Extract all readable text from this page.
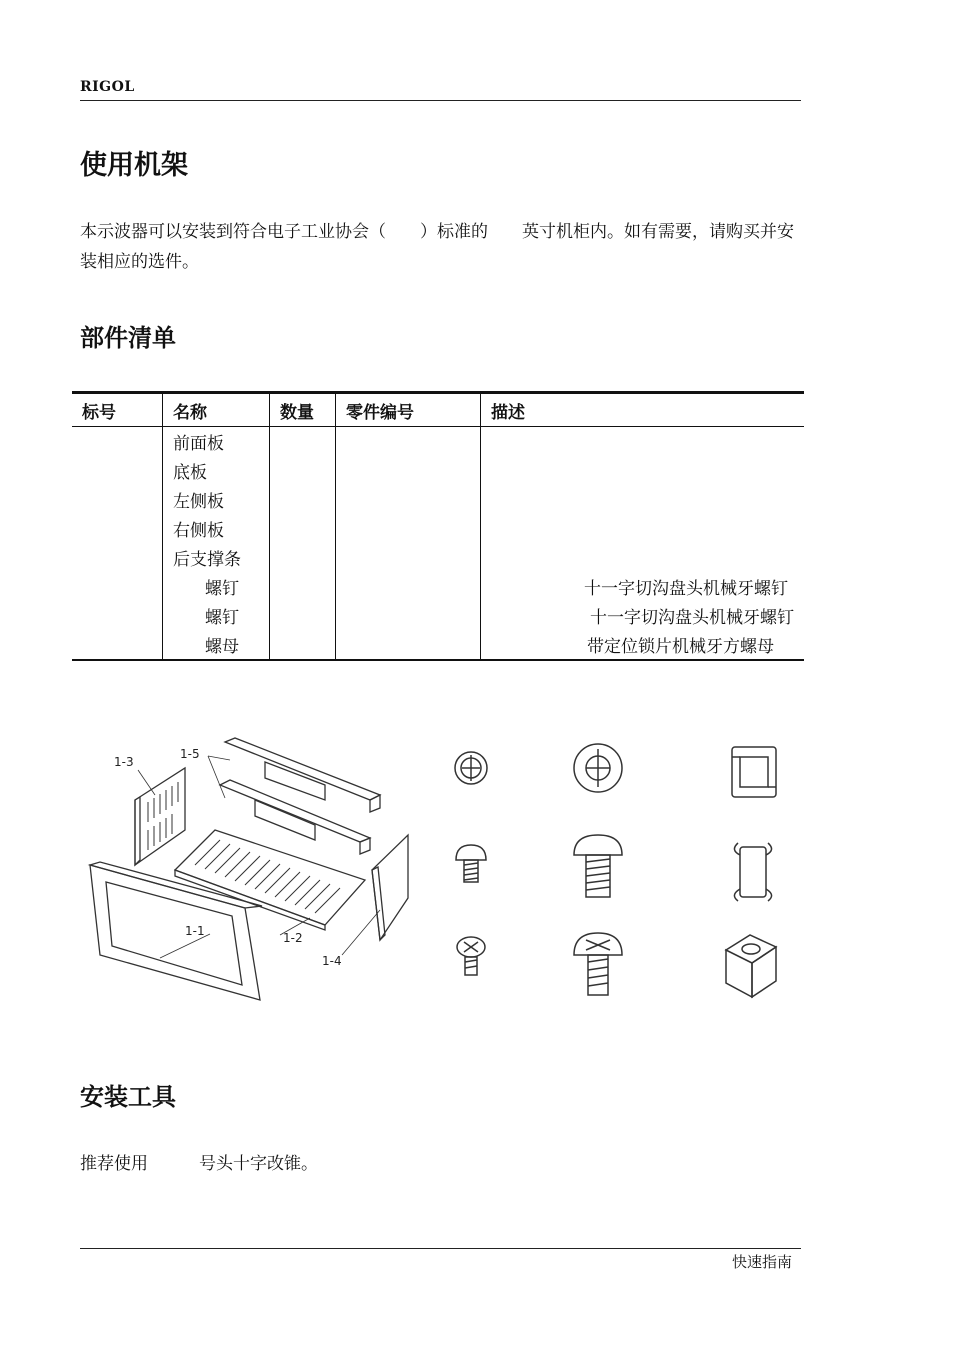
RIGOL
使用机架
本示波器可以安装到符合电子工业协会（　　）标准的　　英寸机柜内。如有需要，请购买并安装相应的选件。
部件清单
标号	名称	数量	零件编号	描述
	前面板			
	底板			
	左侧板			
	右侧板			
	后支撑条			
	螺钉			十一字切沟盘头机械牙螺钉
	螺钉			十一字切沟盘头机械牙螺钉
	螺母			带定位锁片机械牙方螺母
1-3
1-5
1-1	1-2
1-4
安装工具
推荐使用　　　号头十字改锥。
快速指南
